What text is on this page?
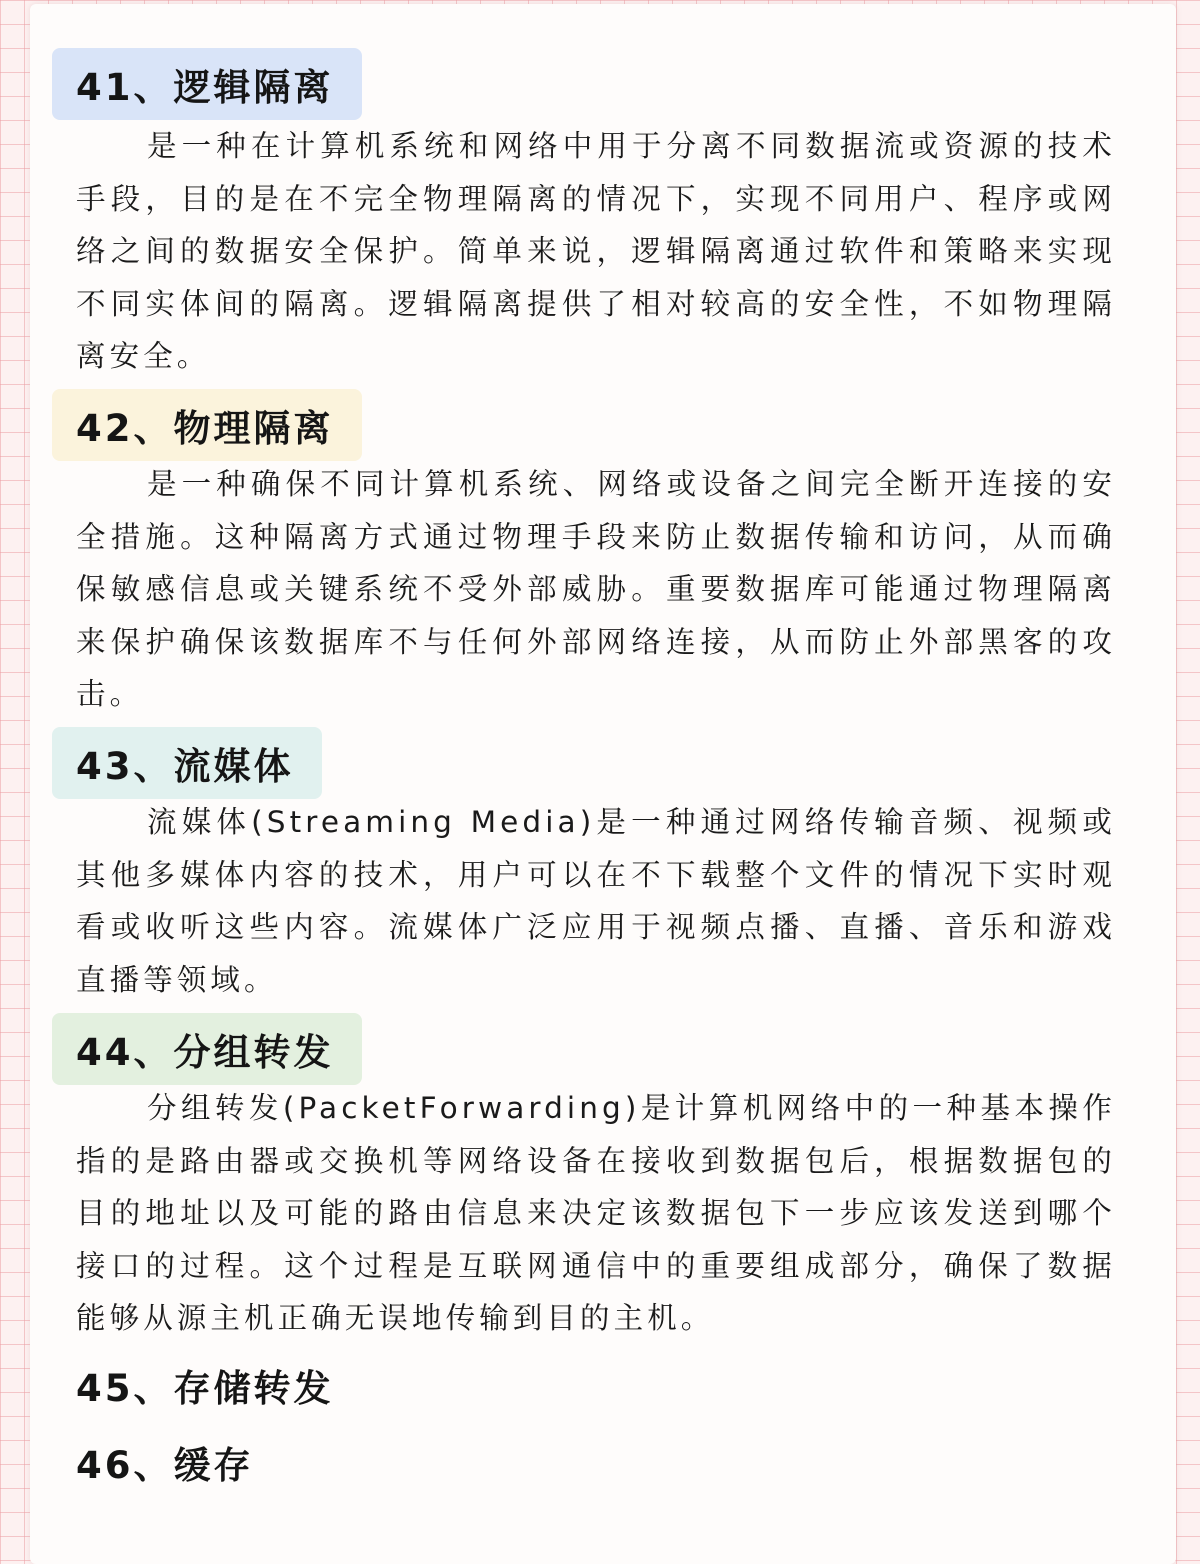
41、逻辑隔离

是一种在计算机系统和网络中用于分离不同数据流或资源的技术手段，目的是在不完全物理隔离的情况下，实现不同用户、程序或网络之间的数据安全保护。简单来说，逻辑隔离通过软件和策略来实现不同实体间的隔离。逻辑隔离提供了相对较高的安全性，不如物理隔离安全。

42、物理隔离

是一种确保不同计算机系统、网络或设备之间完全断开连接的安全措施。这种隔离方式通过物理手段来防止数据传输和访问，从而确保敏感信息或关键系统不受外部威胁。重要数据库可能通过物理隔离来保护确保该数据库不与任何外部网络连接，从而防止外部黑客的攻击。

43、流媒体

流媒体(Streaming Media)是一种通过网络传输音频、视频或其他多媒体内容的技术，用户可以在不下载整个文件的情况下实时观看或收听这些内容。流媒体广泛应用于视频点播、直播、音乐和游戏直播等领域。

44、分组转发

分组转发(PacketForwarding)是计算机网络中的一种基本操作指的是路由器或交换机等网络设备在接收到数据包后，根据数据包的目的地址以及可能的路由信息来决定该数据包下一步应该发送到哪个接口的过程。这个过程是互联网通信中的重要组成部分，确保了数据能够从源主机正确无误地传输到目的主机。

45、存储转发
46、缓存
